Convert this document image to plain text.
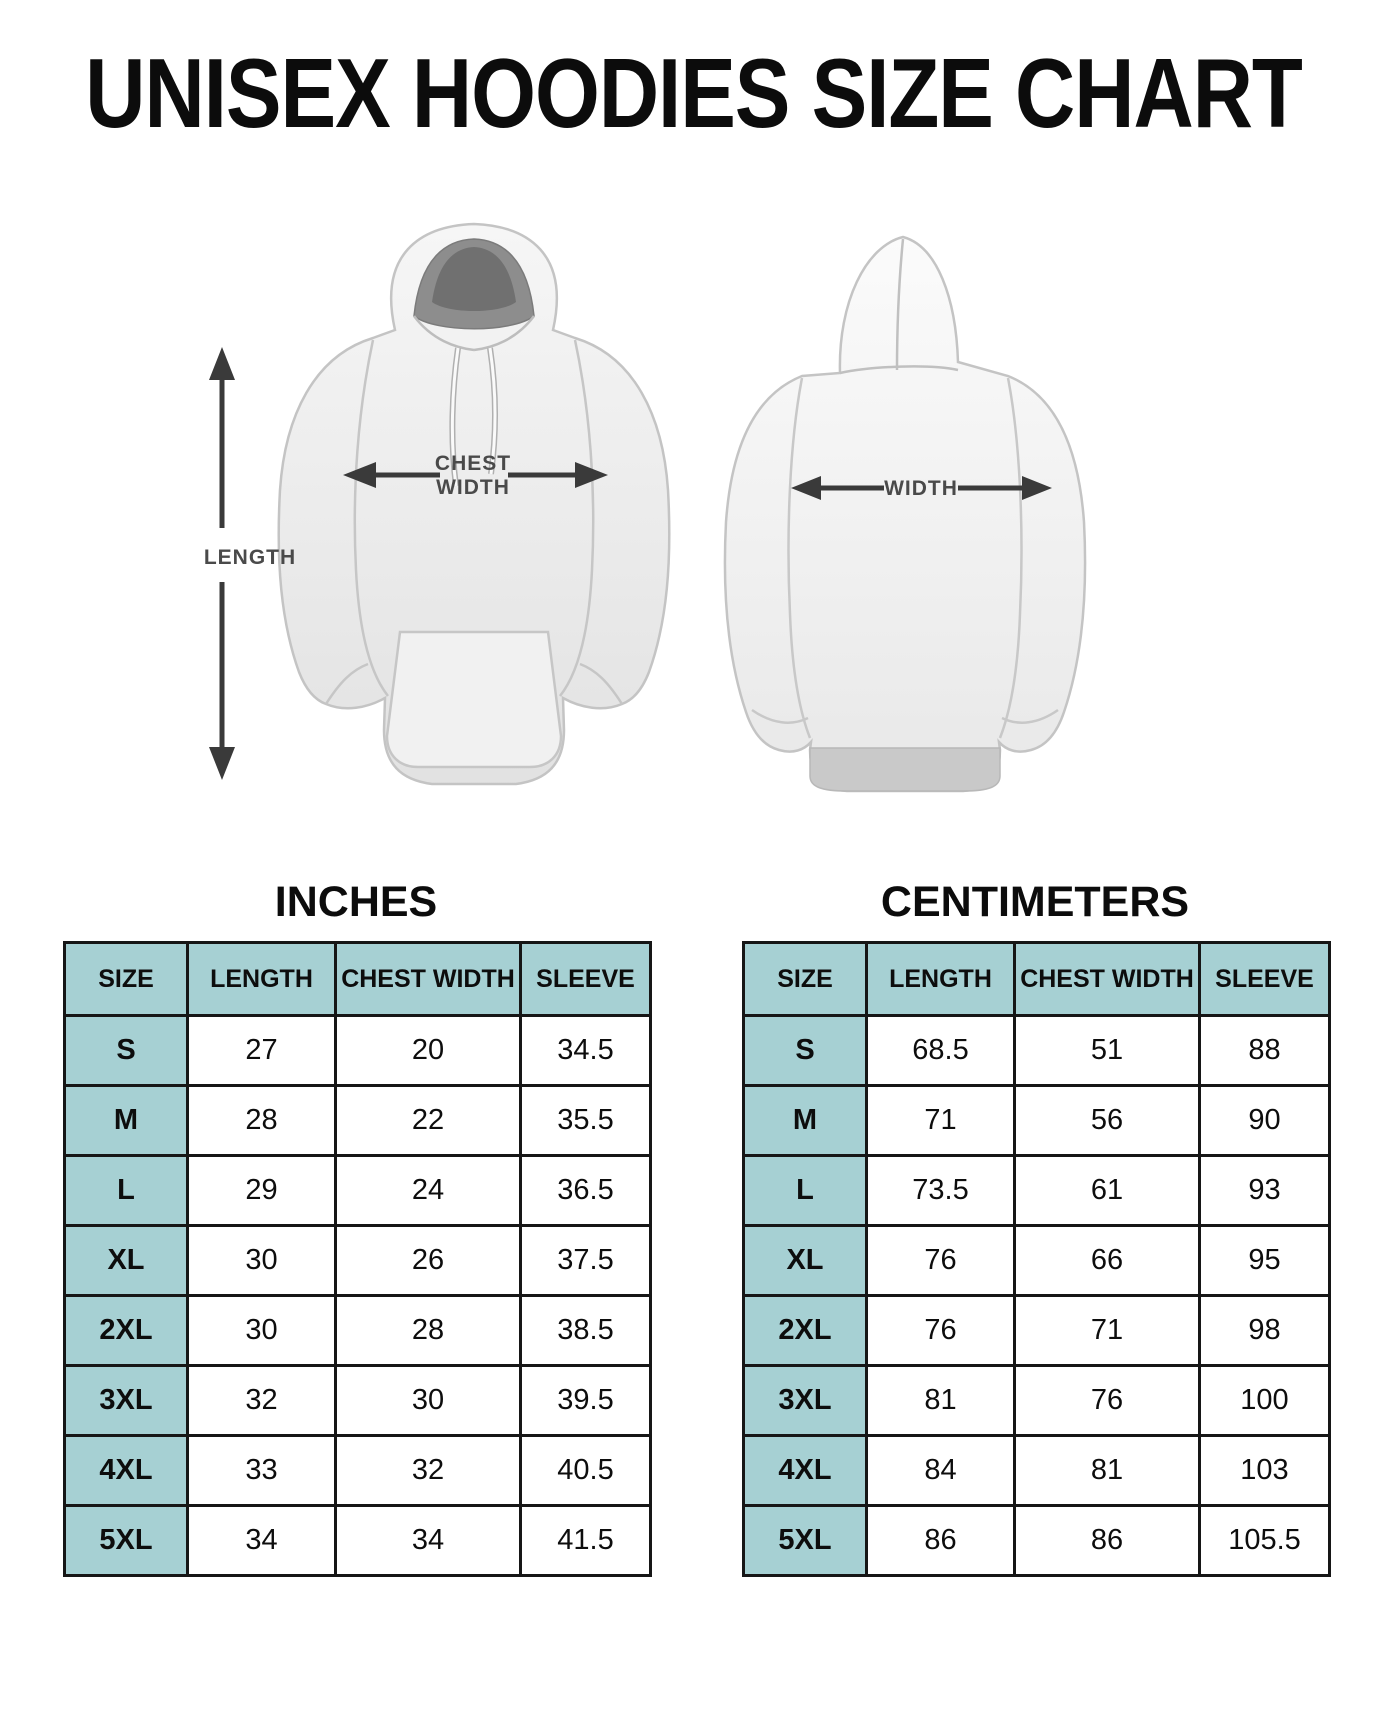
UNISEX HOODIES SIZE CHART
LENGTH
CHEST
WIDTH	WIDTH
INCHES
SIZE	LENGTH	CHEST WIDTH	SLEEVE
S	27	20	34.5
M	28	22	35.5
L	29	24	36.5
XL	30	26	37.5
2XL	30	28	38.5
3XL	32	30	39.5
4XL	33	32	40.5
5XL	34	34	41.5
CENTIMETERS
SIZE	LENGTH	CHEST WIDTH	SLEEVE
S	68.5	51	88
M	71	56	90
L	73.5	61	93
XL	76	66	95
2XL	76	71	98
3XL	81	76	100
4XL	84	81	103
5XL	86	86	105.5
